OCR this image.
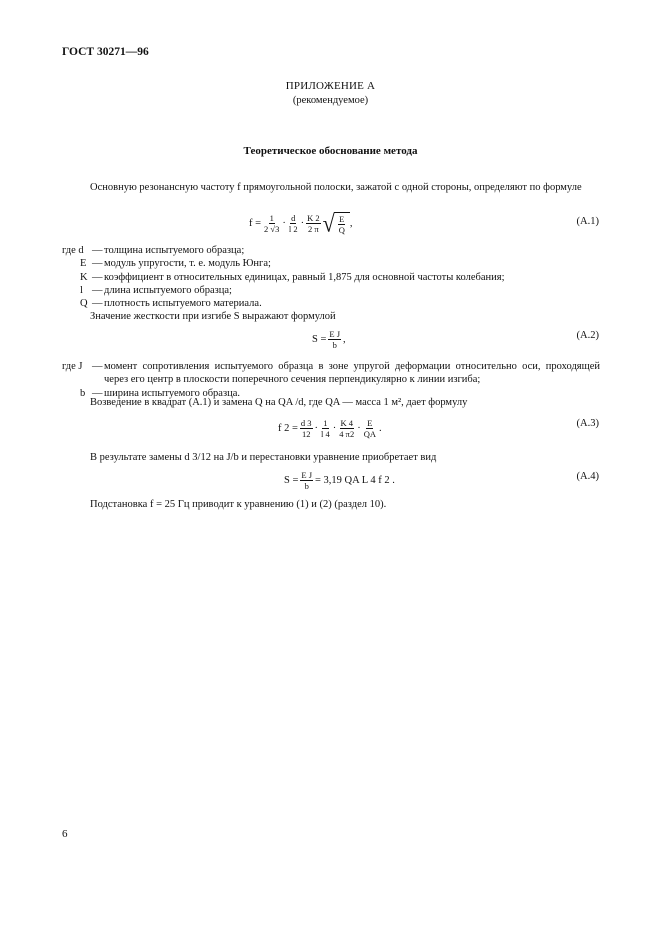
ГОСТ 30271—96
ПРИЛОЖЕНИЕ А
(рекомендуемое)
Теоретическое обоснование метода
Основную резонансную частоту f прямоугольной полоски, зажатой с одной стороны, определяют по формуле
$f = \frac{1}{2 √3} \cdot \frac{d}{l 2} \cdot \frac{K 2}{2 \pi}$ √ $\frac{E}{Q}$ ,	(A.1)
где d — толщина испытуемого образца;
E — модуль упругости, т. е. модуль Юнга;
K — коэффициент в относительных единицах, равный 1,875 для основной частоты колебания;
l — длина испытуемого образца;
Q — плотность испытуемого материала.
Значение жесткости при изгибе S выражают формулой
$S = \frac{\text{E J}}{b}$ ,	(A.2)
где J — момент сопротивления испытуемого образца в зоне упругой деформации относительно оси, проходящей через его центр в плоскости поперечного сечения перпендикулярно к линии изгиба;
b — ширина испытуемого образца.
Возведение в квадрат (А.1) и замена Q на QA /d, где QA — масса 1 м², дает формулу
f $2 = \frac{d 3}{12} \cdot \frac{1}{l 4} \cdot \frac{K 4}{4 \pi 2} \cdot \frac{E}{QA}$ .	(A.3)
В результате замены d 3/12 на J/b и перестановки уравнение приобретает вид
$S = \frac{\text{E J}}{b} = 3,19$ QA L 4 f 2 .	(A.4)
Подстановка f = 25 Гц приводит к уравнению (1) и (2) (раздел 10).
6
